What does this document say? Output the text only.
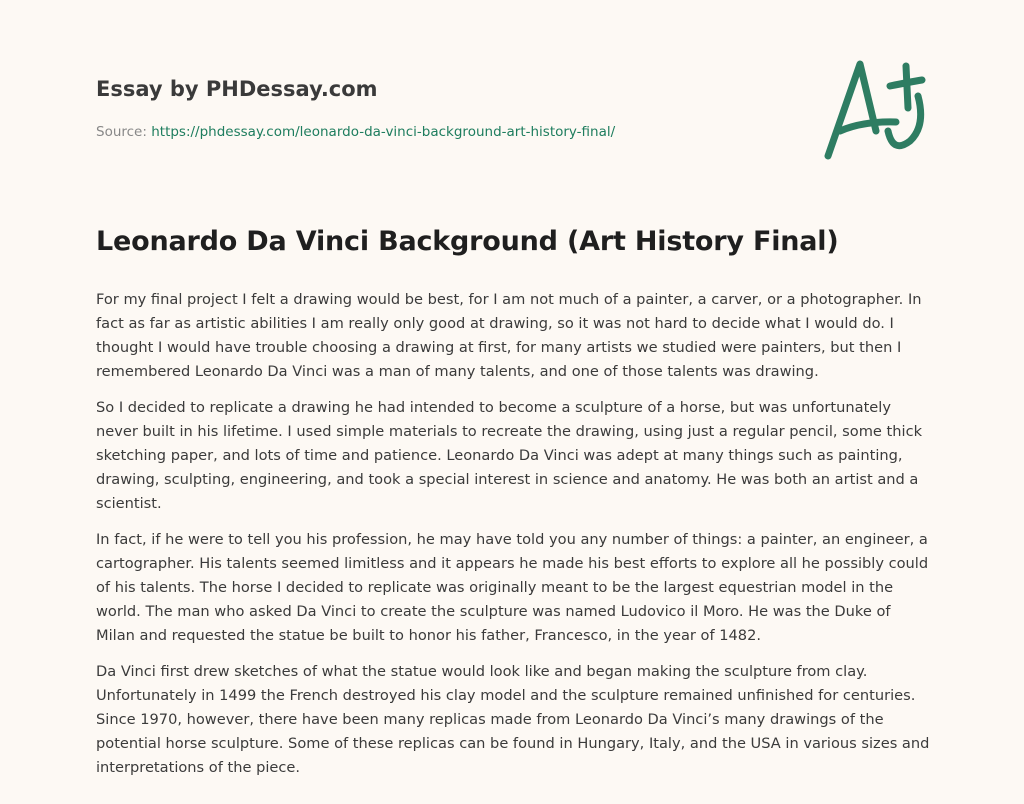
Essay by PHDessay.com
Source: https://phdessay.com/leonardo-da-vinci-background-art-history-final/
Leonardo Da Vinci Background (Art History Final)

For my final project I felt a drawing would be best, for I am not much of a painter, a carver, or a photographer. In fact as far as artistic abilities I am really only good at drawing, so it was not hard to decide what I would do. I thought I would have trouble choosing a drawing at first, for many artists we studied were painters, but then I remembered Leonardo Da Vinci was a man of many talents, and one of those talents was drawing.

So I decided to replicate a drawing he had intended to become a sculpture of a horse, but was unfortunately never built in his lifetime. I used simple materials to recreate the drawing, using just a regular pencil, some thick sketching paper, and lots of time and patience. Leonardo Da Vinci was adept at many things such as painting, drawing, sculpting, engineering, and took a special interest in science and anatomy. He was both an artist and a scientist.

In fact, if he were to tell you his profession, he may have told you any number of things: a painter, an engineer, a cartographer. His talents seemed limitless and it appears he made his best efforts to explore all he possibly could of his talents. The horse I decided to replicate was originally meant to be the largest equestrian model in the world. The man who asked Da Vinci to create the sculpture was named Ludovico il Moro. He was the Duke of Milan and requested the statue be built to honor his father, Francesco, in the year of 1482.

Da Vinci first drew sketches of what the statue would look like and began making the sculpture from clay. Unfortunately in 1499 the French destroyed his clay model and the sculpture remained unfinished for centuries. Since 1970, however, there have been many replicas made from Leonardo Da Vinci’s many drawings of the potential horse sculpture. Some of these replicas can be found in Hungary, Italy, and the USA in various sizes and interpretations of the piece.
